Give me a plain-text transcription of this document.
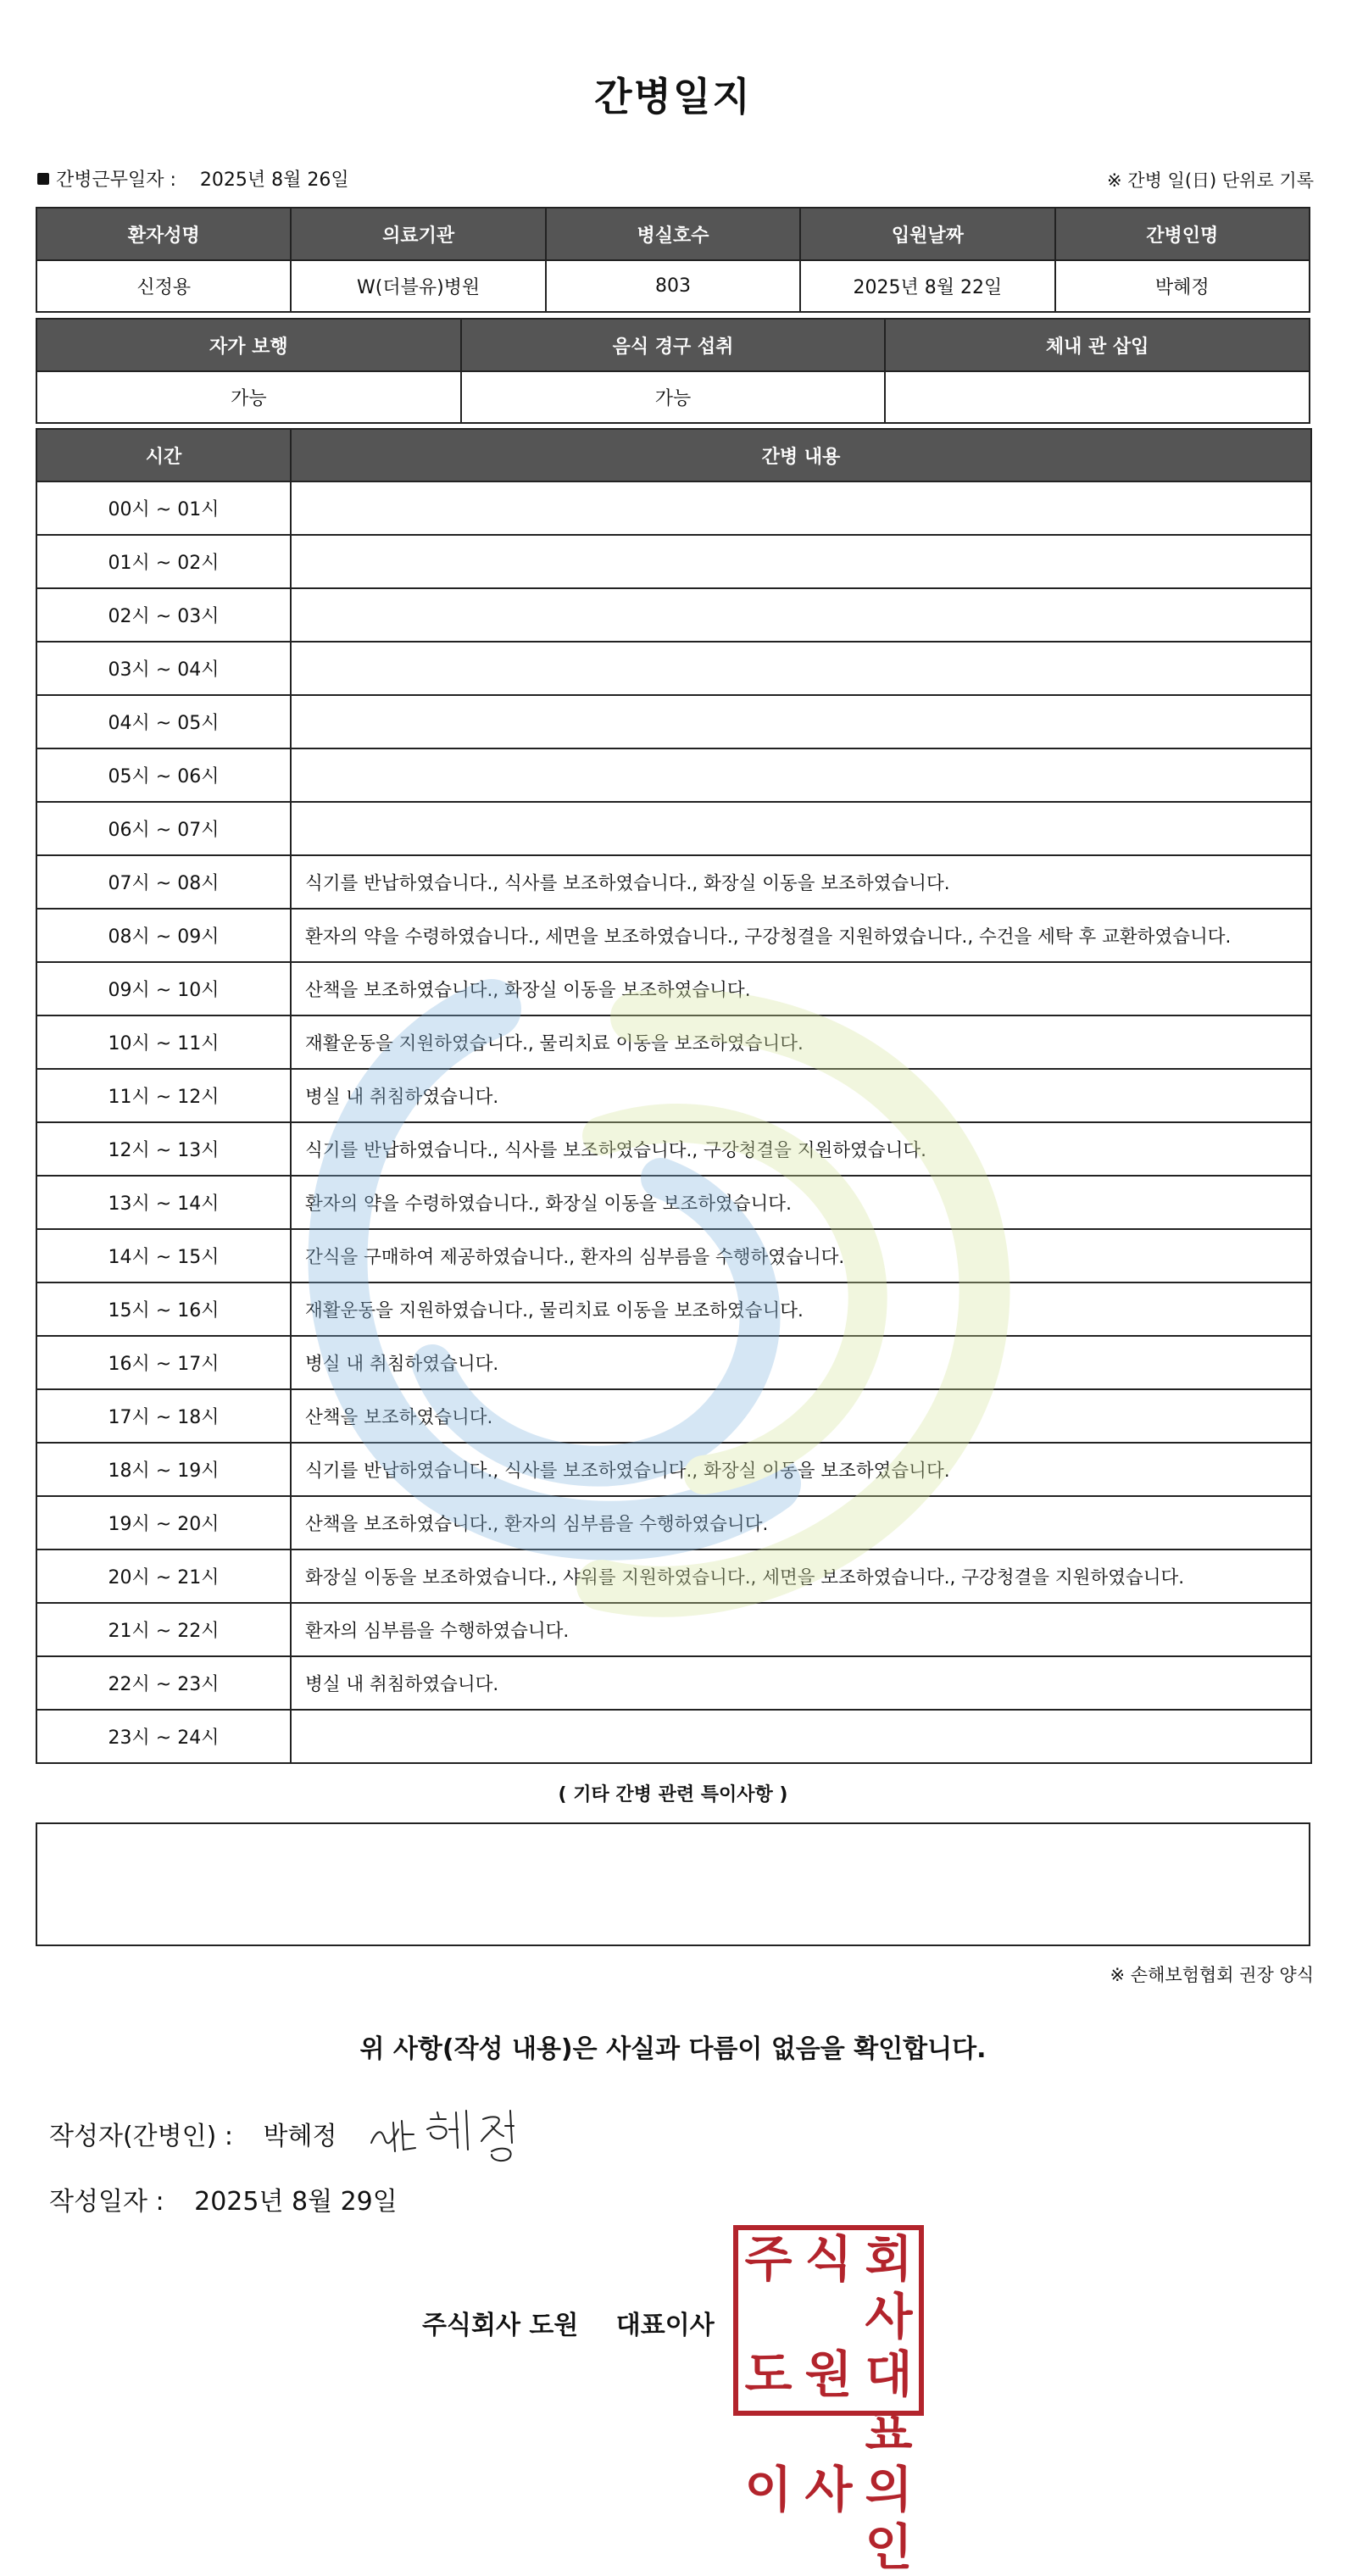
간병일지
간병근무일자 : 2025년 8월 26일	※ 간병 일(日) 단위로 기록
환자성명	의료기관	병실호수	입원날짜	간병인명
신정용	W(더블유)병원	803	2025년 8월 22일	박혜정
자가 보행	음식 경구 섭취	체내 관 삽입
가능	가능	
시간	간병 내용
00시 ~ 01시	
01시 ~ 02시	
02시 ~ 03시	
03시 ~ 04시	
04시 ~ 05시	
05시 ~ 06시	
06시 ~ 07시	
07시 ~ 08시	식기를 반납하였습니다., 식사를 보조하였습니다., 화장실 이동을 보조하였습니다.
08시 ~ 09시	환자의 약을 수령하였습니다., 세면을 보조하였습니다., 구강청결을 지원하였습니다., 수건을 세탁 후 교환하였습니다.
09시 ~ 10시	산책을 보조하였습니다., 화장실 이동을 보조하였습니다.
10시 ~ 11시	재활운동을 지원하였습니다., 물리치료 이동을 보조하였습니다.
11시 ~ 12시	병실 내 취침하였습니다.
12시 ~ 13시	식기를 반납하였습니다., 식사를 보조하였습니다., 구강청결을 지원하였습니다.
13시 ~ 14시	환자의 약을 수령하였습니다., 화장실 이동을 보조하였습니다.
14시 ~ 15시	간식을 구매하여 제공하였습니다., 환자의 심부름을 수행하였습니다.
15시 ~ 16시	재활운동을 지원하였습니다., 물리치료 이동을 보조하였습니다.
16시 ~ 17시	병실 내 취침하였습니다.
17시 ~ 18시	산책을 보조하였습니다.
18시 ~ 19시	식기를 반납하였습니다., 식사를 보조하였습니다., 화장실 이동을 보조하였습니다.
19시 ~ 20시	산책을 보조하였습니다., 환자의 심부름을 수행하였습니다.
20시 ~ 21시	화장실 이동을 보조하였습니다., 샤워를 지원하였습니다., 세면을 보조하였습니다., 구강청결을 지원하였습니다.
21시 ~ 22시	환자의 심부름을 수행하였습니다.
22시 ~ 23시	병실 내 취침하였습니다.
23시 ~ 24시	
( 기타 간병 관련 특이사항 )
※ 손해보험협회 권장 양식
위 사항(작성 내용)은 사실과 다름이 없음을 확인합니다.
작성자(간병인) : 박혜정
작성일자 : 2025년 8월 29일
주식회사 도원 대표이사
주 식 회사
도 원 대표
이 사 의인
